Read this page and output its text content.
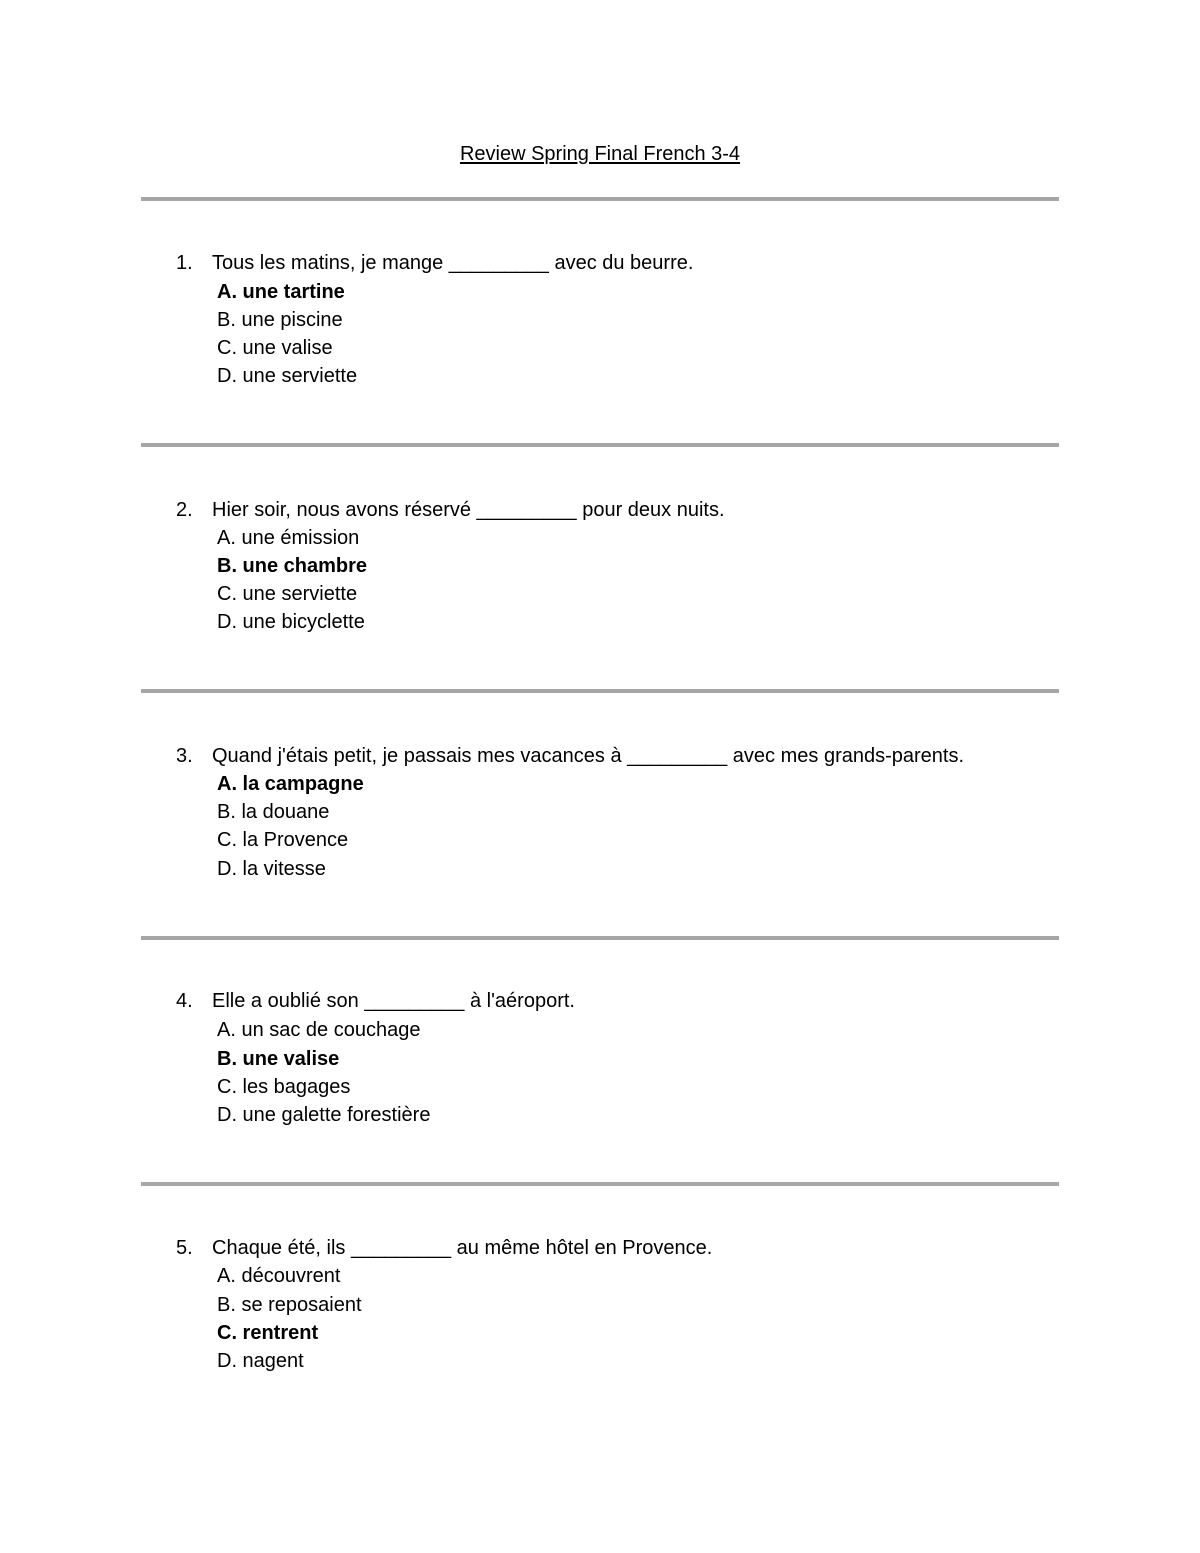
Review Spring Final French 3-4
1. Tous les matins, je mange _________ avec du beurre.
A. une tartine
B. une piscine
C. une valise
D. une serviette
2. Hier soir, nous avons réservé _________ pour deux nuits.
A. une émission
B. une chambre
C. une serviette
D. une bicyclette
3. Quand j'étais petit, je passais mes vacances à _________ avec mes grands-parents.
A. la campagne
B. la douane
C. la Provence
D. la vitesse
4. Elle a oublié son _________ à l'aéroport.
A. un sac de couchage
B. une valise
C. les bagages
D. une galette forestière
5. Chaque été, ils _________ au même hôtel en Provence.
A. découvrent
B. se reposaient
C. rentrent
D. nagent
